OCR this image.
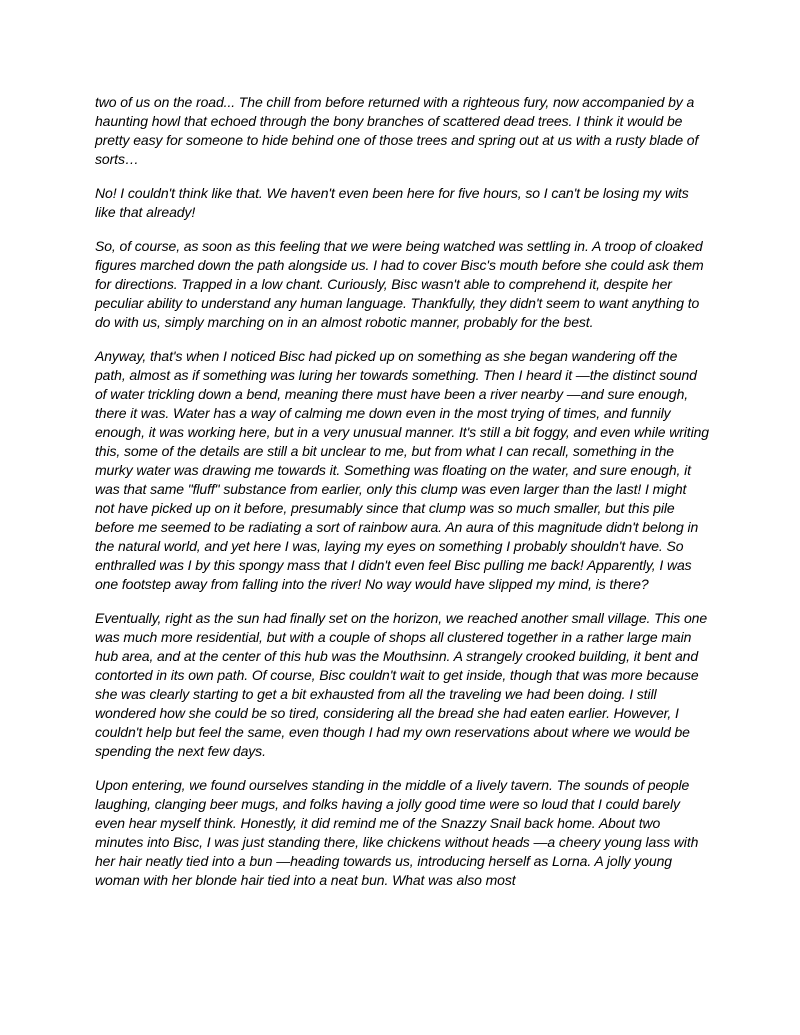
two of us on the road... The chill from before returned with a righteous fury, now accompanied by a haunting howl that echoed through the bony branches of scattered dead trees. I think it would be pretty easy for someone to hide behind one of those trees and spring out at us with a rusty blade of sorts…

No! I couldn't think like that. We haven't even been here for five hours, so I can't be losing my wits like that already!

So, of course, as soon as this feeling that we were being watched was settling in. A troop of cloaked figures marched down the path alongside us. I had to cover Bisc's mouth before she could ask them for directions. Trapped in a low chant. Curiously, Bisc wasn't able to comprehend it, despite her peculiar ability to understand any human language. Thankfully, they didn't seem to want anything to do with us, simply marching on in an almost robotic manner, probably for the best.

Anyway, that's when I noticed Bisc had picked up on something as she began wandering off the path, almost as if something was luring her towards something. Then I heard it —the distinct sound of water trickling down a bend, meaning there must have been a river nearby —and sure enough, there it was. Water has a way of calming me down even in the most trying of times, and funnily enough, it was working here, but in a very unusual manner. It's still a bit foggy, and even while writing this, some of the details are still a bit unclear to me, but from what I can recall, something in the murky water was drawing me towards it. Something was floating on the water, and sure enough, it was that same "fluff" substance from earlier, only this clump was even larger than the last! I might not have picked up on it before, presumably since that clump was so much smaller, but this pile before me seemed to be radiating a sort of rainbow aura. An aura of this magnitude didn't belong in the natural world, and yet here I was, laying my eyes on something I probably shouldn't have. So enthralled was I by this spongy mass that I didn't even feel Bisc pulling me back! Apparently, I was one footstep away from falling into the river! No way would have slipped my mind, is there?

Eventually, right as the sun had finally set on the horizon, we reached another small village. This one was much more residential, but with a couple of shops all clustered together in a rather large main hub area, and at the center of this hub was the Mouthsinn. A strangely crooked building, it bent and contorted in its own path. Of course, Bisc couldn't wait to get inside, though that was more because she was clearly starting to get a bit exhausted from all the traveling we had been doing. I still wondered how she could be so tired, considering all the bread she had eaten earlier. However, I couldn't help but feel the same, even though I had my own reservations about where we would be spending the next few days.

Upon entering, we found ourselves standing in the middle of a lively tavern. The sounds of people laughing, clanging beer mugs, and folks having a jolly good time were so loud that I could barely even hear myself think. Honestly, it did remind me of the Snazzy Snail back home. About two minutes into Bisc, I was just standing there, like chickens without heads —a cheery young lass with her hair neatly tied into a bun —heading towards us, introducing herself as Lorna. A jolly young woman with her blonde hair tied into a neat bun. What was also most
